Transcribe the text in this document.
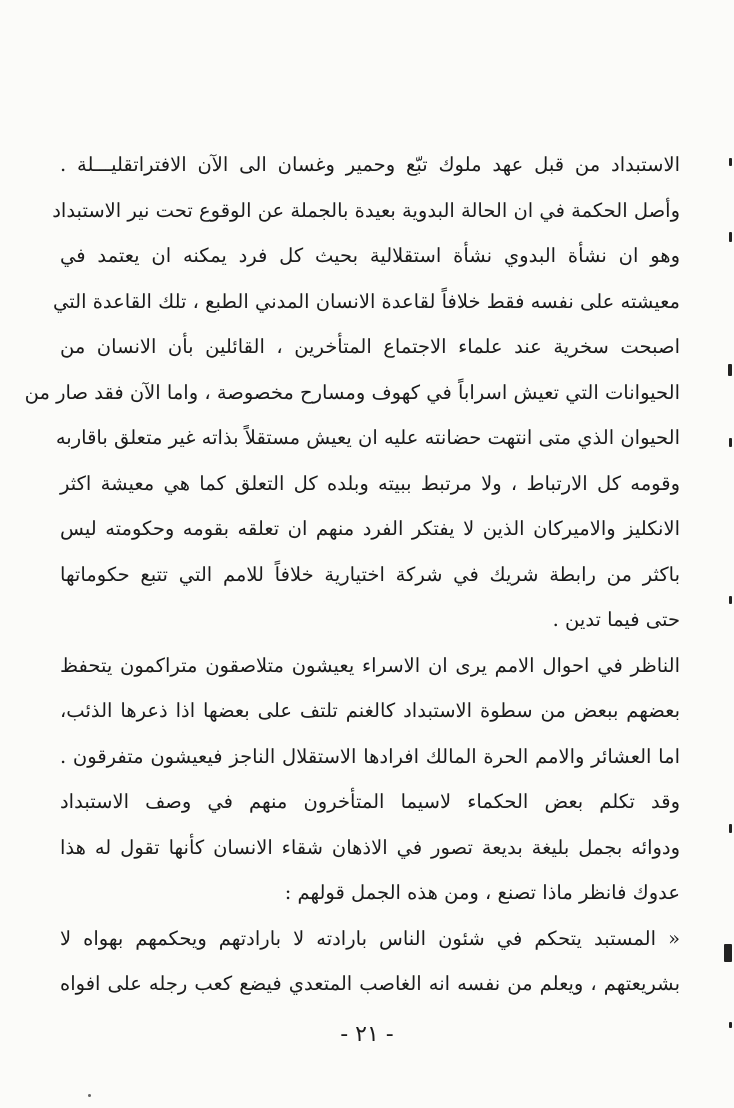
الاستبداد من قبل عهد ملوك تبّع وحمير وغسان الى الآن الافتراتقليـــلة .
وأصل الحكمة في ان الحالة البدوية بعيدة بالجملة عن الوقوع تحت نير الاستبداد
وهو ان نشأة البدوي نشأة استقلالية بحيث كل فرد يمكنه ان يعتمد في
معيشته على نفسه فقط خلافاً لقاعدة الانسان المدني الطبع ، تلك القاعدة التي
اصبحت سخرية عند علماء الاجتماع المتأخرين ، القائلين بأن الانسان من
الحيوانات التي تعيش اسراباً في كهوف ومسارح مخصوصة ، واما الآن فقد صار من
الحيوان الذي متى انتهت حضانته عليه ان يعيش مستقلاً بذاته غير متعلق باقاربه
وقومه كل الارتباط ، ولا مرتبط ببيته وبلده كل التعلق كما هي معيشة اكثر
الانكليز والاميركان الذين لا يفتكر الفرد منهم ان تعلقه بقومه وحكومته ليس
باكثر من رابطة شريك في شركة اختيارية خلافاً للامم التي تتبع حكوماتها
حتى فيما تدين .
الناظر في احوال الامم يرى ان الاسراء يعيشون متلاصقون متراكمون يتحفظ
بعضهم ببعض من سطوة الاستبداد كالغنم تلتف على بعضها اذا ذعرها الذئب،
اما العشائر والامم الحرة المالك افرادها الاستقلال الناجز فيعيشون متفرقون .
وقد تكلم بعض الحكماء لاسيما المتأخرون منهم في وصف الاستبداد
ودوائه بجمل بليغة بديعة تصور في الاذهان شقاء الانسان كأنها تقول له هذا
عدوك فانظر ماذا تصنع ، ومن هذه الجمل قولهم :
« المستبد يتحكم في شئون الناس بارادته لا بارادتهم ويحكمهم بهواه لا
بشريعتهم ، ويعلم من نفسه انه الغاصب المتعدي فيضع كعب رجله على افواه
- ٢١ -
